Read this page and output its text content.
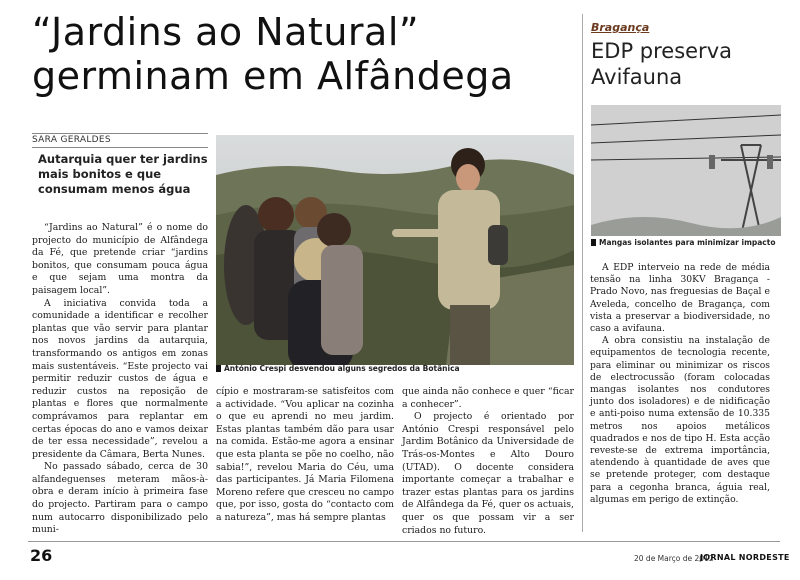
“Jardins ao Natural”
germinam em Alfândega
SARA GERALDES
Autarquia quer ter jardins mais bonitos e que consumam menos água

“Jardins ao Natural” é o nome do projecto do município de Alfândega da Fé, que pretende criar “jardins bonitos, que consumam pouca água e que sejam uma montra da paisagem local”.

A iniciativa convida toda a comunidade a identificar e recolher plantas que vão servir para plantar nos novos jardins da autarquia, transformando os antigos em zonas mais sustentáveis. “Este projecto vai permitir reduzir custos de água e reduzir custos na reposição de plantas e flores que normalmente comprávamos para replantar em certas épocas do ano e vamos deixar de ter essa necessidade”, revelou a presidente da Câmara, Berta Nunes.

No passado sábado, cerca de 30 alfandeguenses meteram mãos-à-obra e deram início à primeira fase do projecto. Partiram para o campo num autocarro disponibilizado pelo muni-

António Crespi desvendou alguns segredos da Botânica

cípio e mostraram-se satisfeitos com a actividade. “Vou aplicar na cozinha o que eu aprendi no meu jardim. Estas plantas também dão para usar na comida. Estão-me agora a ensinar que esta planta se põe no coelho, não sabia!”, revelou Maria do Céu, uma das participantes. Já Maria Filomena Moreno refere que cresceu no campo que, por isso, gosta do “contacto com a natureza”, mas há sempre plantas

que ainda não conhece e quer “ficar a conhecer”.

O projecto é orientado por António Crespi responsável pelo Jardim Botânico da Universidade de Trás-os-Montes e Alto Douro (UTAD). O docente considera importante começar a trabalhar e trazer estas plantas para os jardins de Alfândega da Fé, quer os actuais, quer os que possam vir a ser criados no futuro.

Bragança
EDP preserva
Avifauna
Mangas isolantes para minimizar impacto

A EDP interveio na rede de média tensão na linha 30KV Bragança - Prado Novo, nas freguesias de Baçal e Aveleda, concelho de Bragança, com vista a preservar a biodiversidade, no caso a avifauna.

A obra consistiu na instalação de equipamentos de tecnologia recente, para eliminar ou minimizar os riscos de electrocussão (foram colocadas mangas isolantes nos condutores junto dos isoladores) e de nidificação e anti-poiso numa extensão de 10.335 metros nos apoios metálicos quadrados e nos de tipo H. Esta acção reveste-se de extrema importância, atendendo à quantidade de aves que se pretende proteger, com destaque para a cegonha branca, águia real, algumas em perigo de extinção.

26	20 de Março de 2012
JORNAL NORDESTE
